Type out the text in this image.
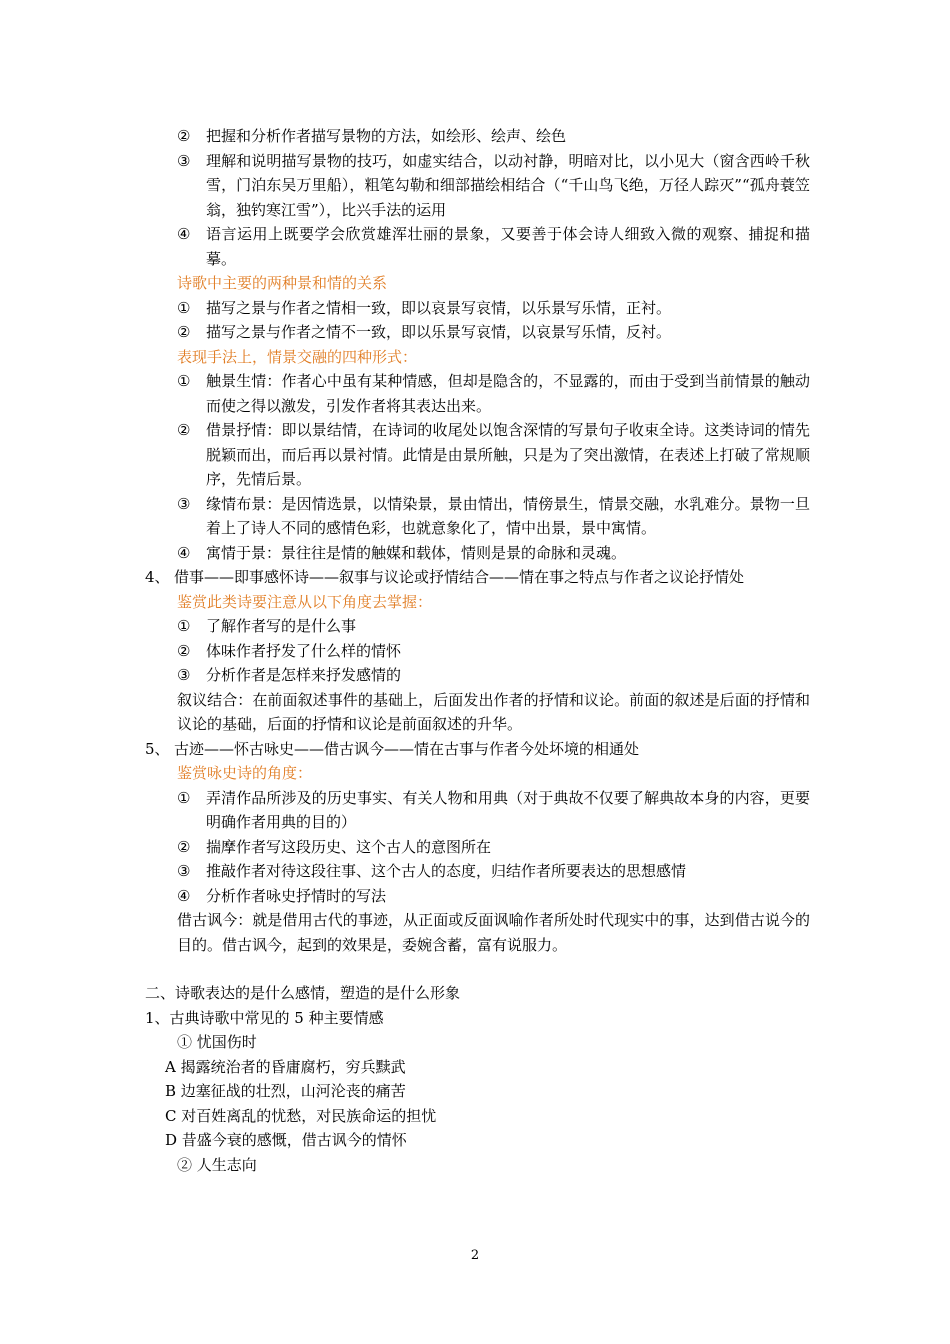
②	把握和分析作者描写景物的方法，如绘形、绘声、绘色
③	理解和说明描写景物的技巧，如虚实结合，以动衬静，明暗对比，以小见大（窗含西岭千秋雪，门泊东吴万里船），粗笔勾勒和细部描绘相结合（“千山鸟飞绝，万径人踪灭”“孤舟蓑笠翁，独钓寒江雪”），比兴手法的运用
④	语言运用上既要学会欣赏雄浑壮丽的景象，又要善于体会诗人细致入微的观察、捕捉和描摹。
诗歌中主要的两种景和情的关系
①	描写之景与作者之情相一致，即以哀景写哀情，以乐景写乐情，正衬。
②	描写之景与作者之情不一致，即以乐景写哀情，以哀景写乐情，反衬。
表现手法上，情景交融的四种形式：
①	触景生情：作者心中虽有某种情感，但却是隐含的，不显露的，而由于受到当前情景的触动而使之得以激发，引发作者将其表达出来。
②	借景抒情：即以景结情，在诗词的收尾处以饱含深情的写景句子收束全诗。这类诗词的情先脱颖而出，而后再以景衬情。此情是由景所触，只是为了突出激情，在表述上打破了常规顺序，先情后景。
③	缘情布景：是因情选景，以情染景，景由情出，情傍景生，情景交融，水乳难分。景物一旦着上了诗人不同的感情色彩，也就意象化了，情中出景，景中寓情。
④	寓情于景：景往往是情的触媒和载体，情则是景的命脉和灵魂。
4、 借事——即事感怀诗——叙事与议论或抒情结合——情在事之特点与作者之议论抒情处
鉴赏此类诗要注意从以下角度去掌握：
①	了解作者写的是什么事
②	体味作者抒发了什么样的情怀
③	分析作者是怎样来抒发感情的
叙议结合：在前面叙述事件的基础上，后面发出作者的抒情和议论。前面的叙述是后面的抒情和议论的基础，后面的抒情和议论是前面叙述的升华。
5、 古迹——怀古咏史——借古讽今——情在古事与作者今处坏境的相通处
鉴赏咏史诗的角度：
①	弄清作品所涉及的历史事实、有关人物和用典（对于典故不仅要了解典故本身的内容，更要明确作者用典的目的）
②	揣摩作者写这段历史、这个古人的意图所在
③	推敲作者对待这段往事、这个古人的态度，归结作者所要表达的思想感情
④	分析作者咏史抒情时的写法
借古讽今：就是借用古代的事迹，从正面或反面讽喻作者所处时代现实中的事，达到借古说今的目的。借古讽今，起到的效果是，委婉含蓄，富有说服力。
二、诗歌表达的是什么感情，塑造的是什么形象
1、古典诗歌中常见的 5 种主要情感
① 忧国伤时
A 揭露统治者的昏庸腐朽，穷兵黩武
B 边塞征战的壮烈，山河沦丧的痛苦
C 对百姓离乱的忧愁，对民族命运的担忧
D 昔盛今衰的感慨，借古讽今的情怀
② 人生志向
2
